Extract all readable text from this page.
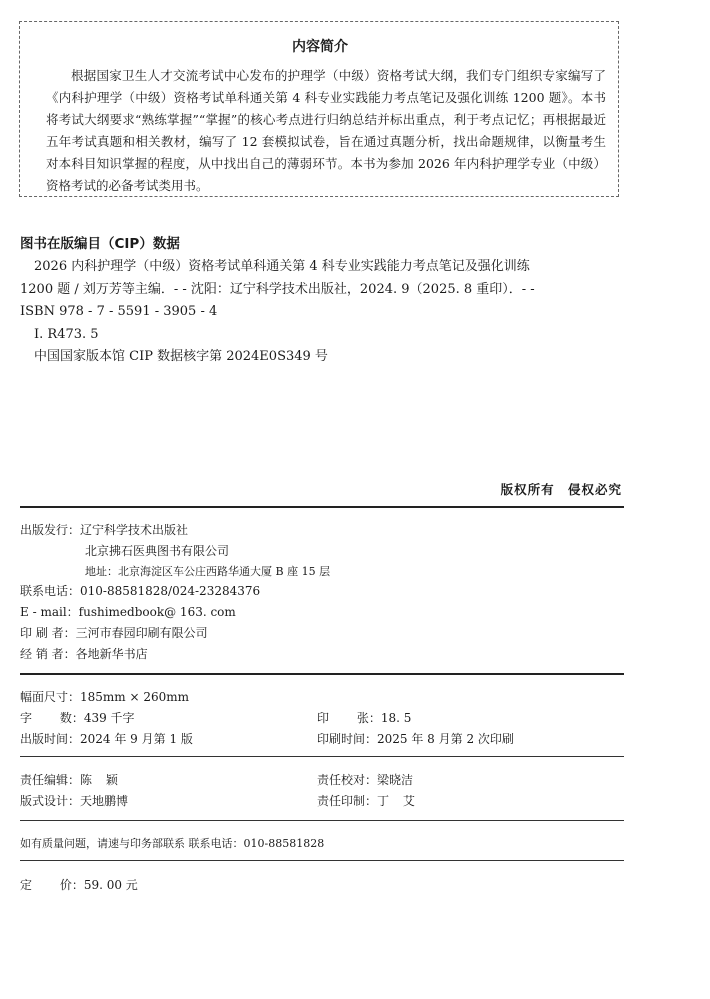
内容简介
根据国家卫生人才交流考试中心发布的护理学（中级）资格考试大纲，我们专门组织专家编写了《内科护理学（中级）资格考试单科通关第 4 科专业实践能力考点笔记及强化训练 1200 题》。本书将考试大纲要求“熟练掌握”“掌握”的核心考点进行归纳总结并标出重点，利于考点记忆；再根据最近五年考试真题和相关教材，编写了 12 套模拟试卷，旨在通过真题分析，找出命题规律，以衡量考生对本科目知识掌握的程度，从中找出自己的薄弱环节。本书为参加 2026 年内科护理学专业（中级）资格考试的必备考试类用书。
图书在版编目（CIP）数据
2026 内科护理学（中级）资格考试单科通关第 4 科专业实践能力考点笔记及强化训练
1200 题 / 刘万芳等主编．- - 沈阳：辽宁科学技术出版社，2024. 9（2025. 8 重印）．- -
ISBN 978 - 7 - 5591 - 3905 - 4
Ⅰ. R473. 5
中国国家版本馆 CIP 数据核字第 2024E0S349 号
版权所有 侵权必究
出版发行：辽宁科学技术出版社
北京拂石医典图书有限公司
地址：北京海淀区车公庄西路华通大厦 B 座 15 层
联系电话：010-88581828/024-23284376
E - mail：fushimedbook@ 163. com
印 刷 者：三河市春园印刷有限公司
经 销 者：各地新华书店
幅面尺寸：185mm × 260mm
字 数：439 千字	印 张：18. 5
出版时间：2024 年 9 月第 1 版	印刷时间：2025 年 8 月第 2 次印刷
责任编辑：陈 颖	责任校对：梁晓洁
版式设计：天地鹏博	责任印制：丁 艾
如有质量问题，请速与印务部联系 联系电话：010-88581828
定 价：59. 00 元
